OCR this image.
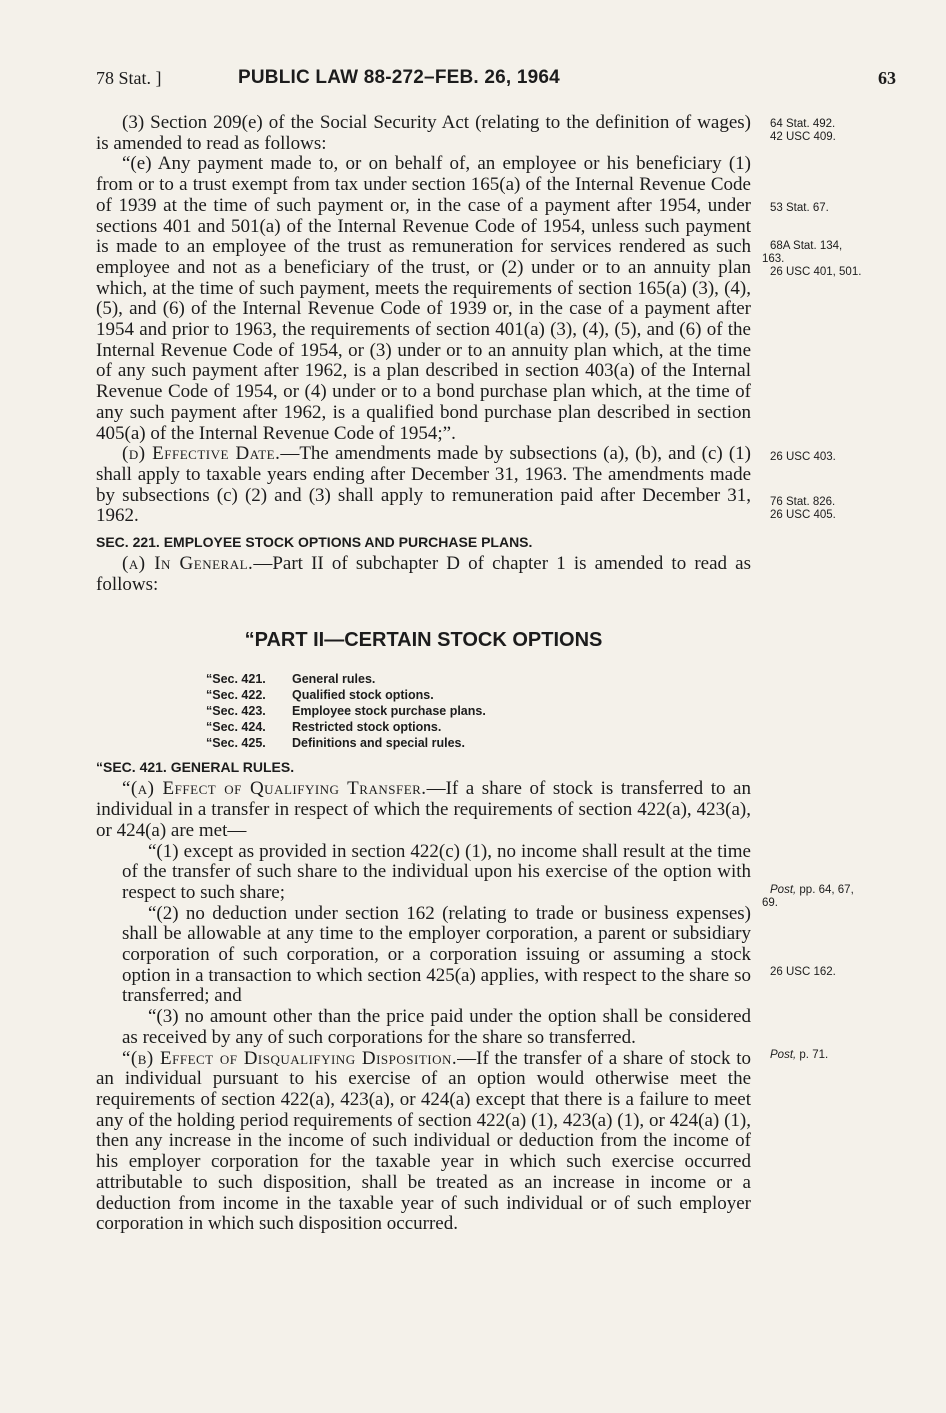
78 Stat. ]	PUBLIC LAW 88-272–FEB. 26, 1964	63

(3) Section 209(e) of the Social Security Act (relating to the definition of wages) is amended to read as follows:

“(e) Any payment made to, or on behalf of, an employee or his beneficiary (1) from or to a trust exempt from tax under section 165(a) of the Internal Revenue Code of 1939 at the time of such payment or, in the case of a payment after 1954, under sections 401 and 501(a) of the Internal Revenue Code of 1954, unless such payment is made to an employee of the trust as remuneration for services rendered as such employee and not as a beneficiary of the trust, or (2) under or to an annuity plan which, at the time of such payment, meets the requirements of section 165(a) (3), (4), (5), and (6) of the Internal Revenue Code of 1939 or, in the case of a payment after 1954 and prior to 1963, the requirements of section 401(a) (3), (4), (5), and (6) of the Internal Revenue Code of 1954, or (3) under or to an annuity plan which, at the time of any such payment after 1962, is a plan described in section 403(a) of the Internal Revenue Code of 1954, or (4) under or to a bond purchase plan which, at the time of any such payment after 1962, is a qualified bond purchase plan described in section 405(a) of the Internal Revenue Code of 1954;”.

(d) Effective Date.—The amendments made by subsections (a), (b), and (c) (1) shall apply to taxable years ending after December 31, 1963. The amendments made by subsections (c) (2) and (3) shall apply to remuneration paid after December 31, 1962.

SEC. 221. EMPLOYEE STOCK OPTIONS AND PURCHASE PLANS.

(a) In General.—Part II of subchapter D of chapter 1 is amended to read as follows:

“PART II—CERTAIN STOCK OPTIONS
“Sec. 421. General rules.
“Sec. 422. Qualified stock options.
“Sec. 423. Employee stock purchase plans.
“Sec. 424. Restricted stock options.
“Sec. 425. Definitions and special rules.
“SEC. 421. GENERAL RULES.

“(a) Effect of Qualifying Transfer.—If a share of stock is transferred to an individual in a transfer in respect of which the requirements of section 422(a), 423(a), or 424(a) are met—

“(1) except as provided in section 422(c) (1), no income shall result at the time of the transfer of such share to the individual upon his exercise of the option with respect to such share;

“(2) no deduction under section 162 (relating to trade or business expenses) shall be allowable at any time to the employer corporation, a parent or subsidiary corporation of such corporation, or a corporation issuing or assuming a stock option in a transaction to which section 425(a) applies, with respect to the share so transferred; and

“(3) no amount other than the price paid under the option shall be considered as received by any of such corporations for the share so transferred.

“(b) Effect of Disqualifying Disposition.—If the transfer of a share of stock to an individual pursuant to his exercise of an option would otherwise meet the requirements of section 422(a), 423(a), or 424(a) except that there is a failure to meet any of the holding period requirements of section 422(a) (1), 423(a) (1), or 424(a) (1), then any increase in the income of such individual or deduction from the income of his employer corporation for the taxable year in which such exercise occurred attributable to such disposition, shall be treated as an increase in income or a deduction from income in the taxable year of such individual or of such employer corporation in which such disposition occurred.

64 Stat. 492.
42 USC 409.
53 Stat. 67.
68A Stat. 134,
163.
26 USC 401, 501.
26 USC 403.
76 Stat. 826.
26 USC 405.
Post, pp. 64, 67,
69.
26 USC 162.
Post, p. 71.
